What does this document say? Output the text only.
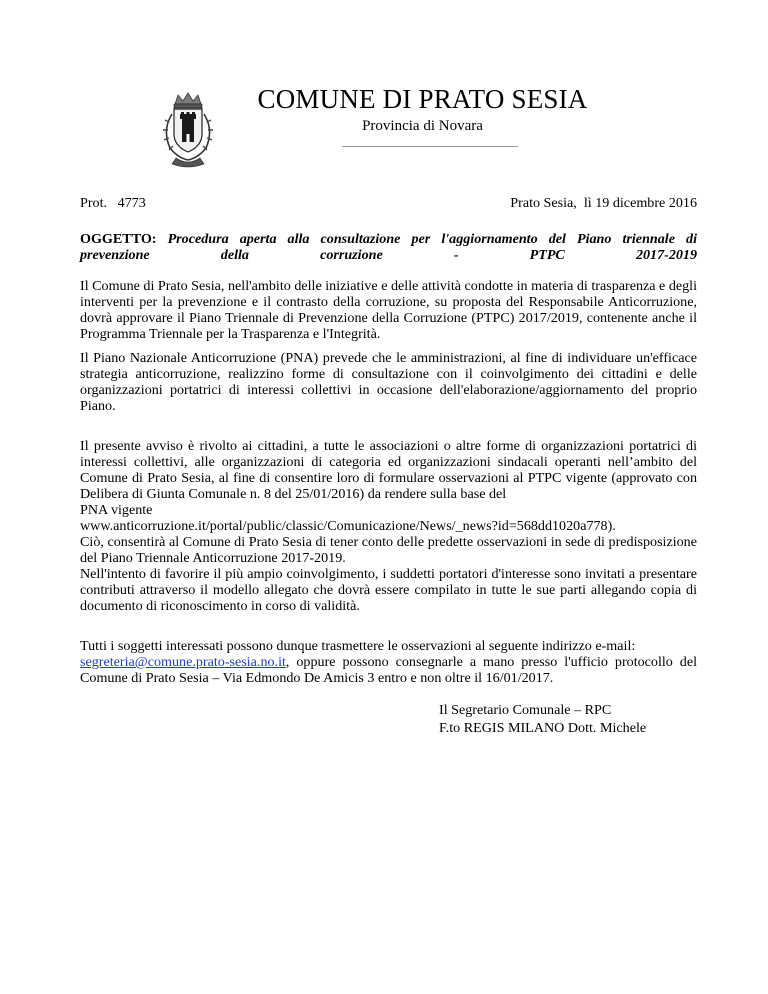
COMUNE DI PRATO SESIA
Provincia di Novara
Prot.   4773	Prato Sesia,  lì 19 dicembre 2016
OGGETTO: Procedura aperta alla consultazione per l'aggiornamento del Piano triennale di
prevenzione	della	corruzione	-	PTPC	2017-2019
Il Comune di Prato Sesia, nell'ambito delle iniziative e delle attività condotte in materia di trasparenza e degli interventi per la prevenzione e il contrasto della corruzione, su proposta del Responsabile Anticorruzione, dovrà approvare il Piano Triennale di Prevenzione della Corruzione (PTPC) 2017/2019, contenente anche il Programma Triennale per la Trasparenza e l'Integrità.
Il Piano Nazionale Anticorruzione (PNA) prevede che le amministrazioni, al fine di individuare un'efficace strategia anticorruzione, realizzino forme di consultazione con il coinvolgimento dei cittadini e delle organizzazioni portatrici di interessi collettivi in occasione dell'elaborazione/aggiornamento del proprio Piano.
Il presente avviso è rivolto ai cittadini, a tutte le associazioni o altre forme di organizzazioni portatrici di interessi collettivi, alle organizzazioni di categoria ed organizzazioni sindacali operanti nell’ambito del Comune di Prato Sesia, al fine di consentire loro di formulare osservazioni al PTPC vigente (approvato con Delibera di Giunta Comunale n. 8 del 25/01/2016) da rendere sulla base del
PNA vigente
www.anticorruzione.it/portal/public/classic/Comunicazione/News/_news?id=568dd1020a778).
Ciò, consentirà al Comune di Prato Sesia di tener conto delle predette osservazioni in sede di predisposizione del Piano Triennale Anticorruzione 2017-2019.
Nell'intento di favorire il più ampio coinvolgimento, i suddetti portatori d'interesse sono invitati a presentare contributi attraverso il modello allegato che dovrà essere compilato in tutte le sue parti allegando copia di documento di riconoscimento in corso di validità.
Tutti i soggetti interessati possono dunque trasmettere le osservazioni al seguente indirizzo e-mail:
segreteria@comune.prato-sesia.no.it, oppure possono consegnarle a mano presso l'ufficio protocollo del Comune di Prato Sesia – Via Edmondo De Amicis 3 entro e non oltre il 16/01/2017.
Il Segretario Comunale – RPC
F.to REGIS MILANO Dott. Michele
